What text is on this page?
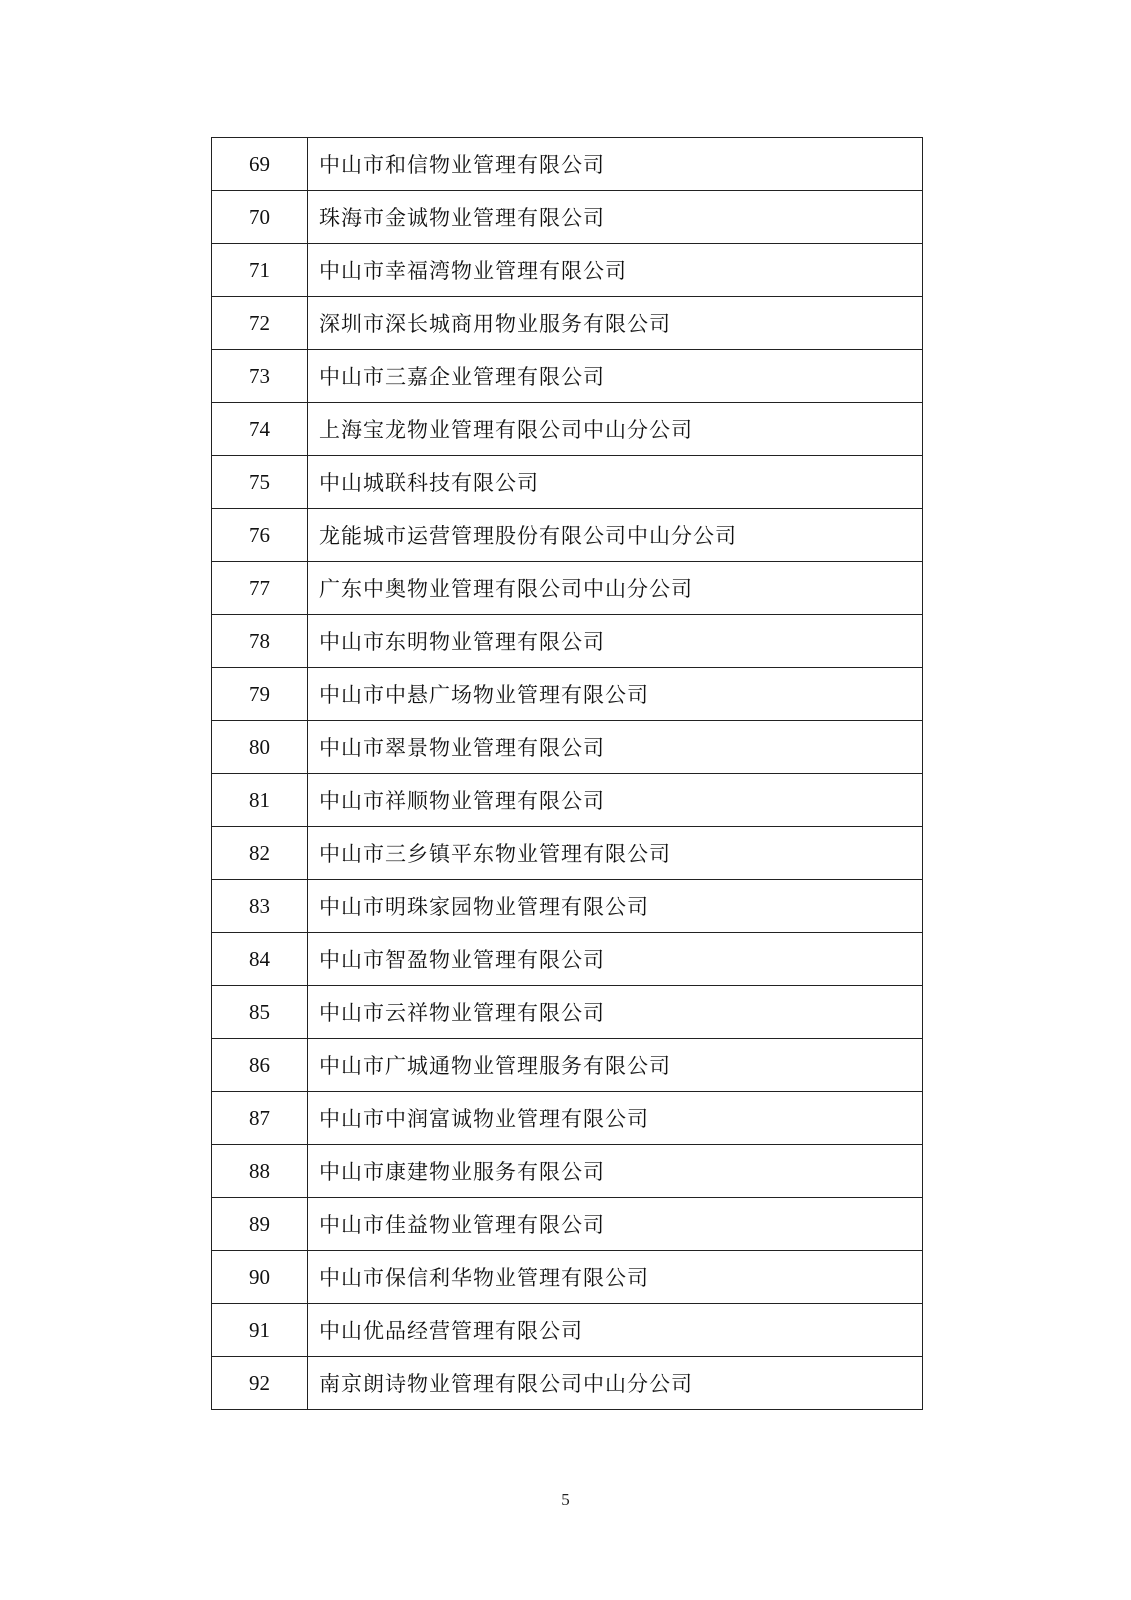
69	中山市和信物业管理有限公司
70	珠海市金诚物业管理有限公司
71	中山市幸福湾物业管理有限公司
72	深圳市深长城商用物业服务有限公司
73	中山市三嘉企业管理有限公司
74	上海宝龙物业管理有限公司中山分公司
75	中山城联科技有限公司
76	龙能城市运营管理股份有限公司中山分公司
77	广东中奥物业管理有限公司中山分公司
78	中山市东明物业管理有限公司
79	中山市中悬广场物业管理有限公司
80	中山市翠景物业管理有限公司
81	中山市祥顺物业管理有限公司
82	中山市三乡镇平东物业管理有限公司
83	中山市明珠家园物业管理有限公司
84	中山市智盈物业管理有限公司
85	中山市云祥物业管理有限公司
86	中山市广城通物业管理服务有限公司
87	中山市中润富诚物业管理有限公司
88	中山市康建物业服务有限公司
89	中山市佳益物业管理有限公司
90	中山市保信利华物业管理有限公司
91	中山优品经营管理有限公司
92	南京朗诗物业管理有限公司中山分公司
5
